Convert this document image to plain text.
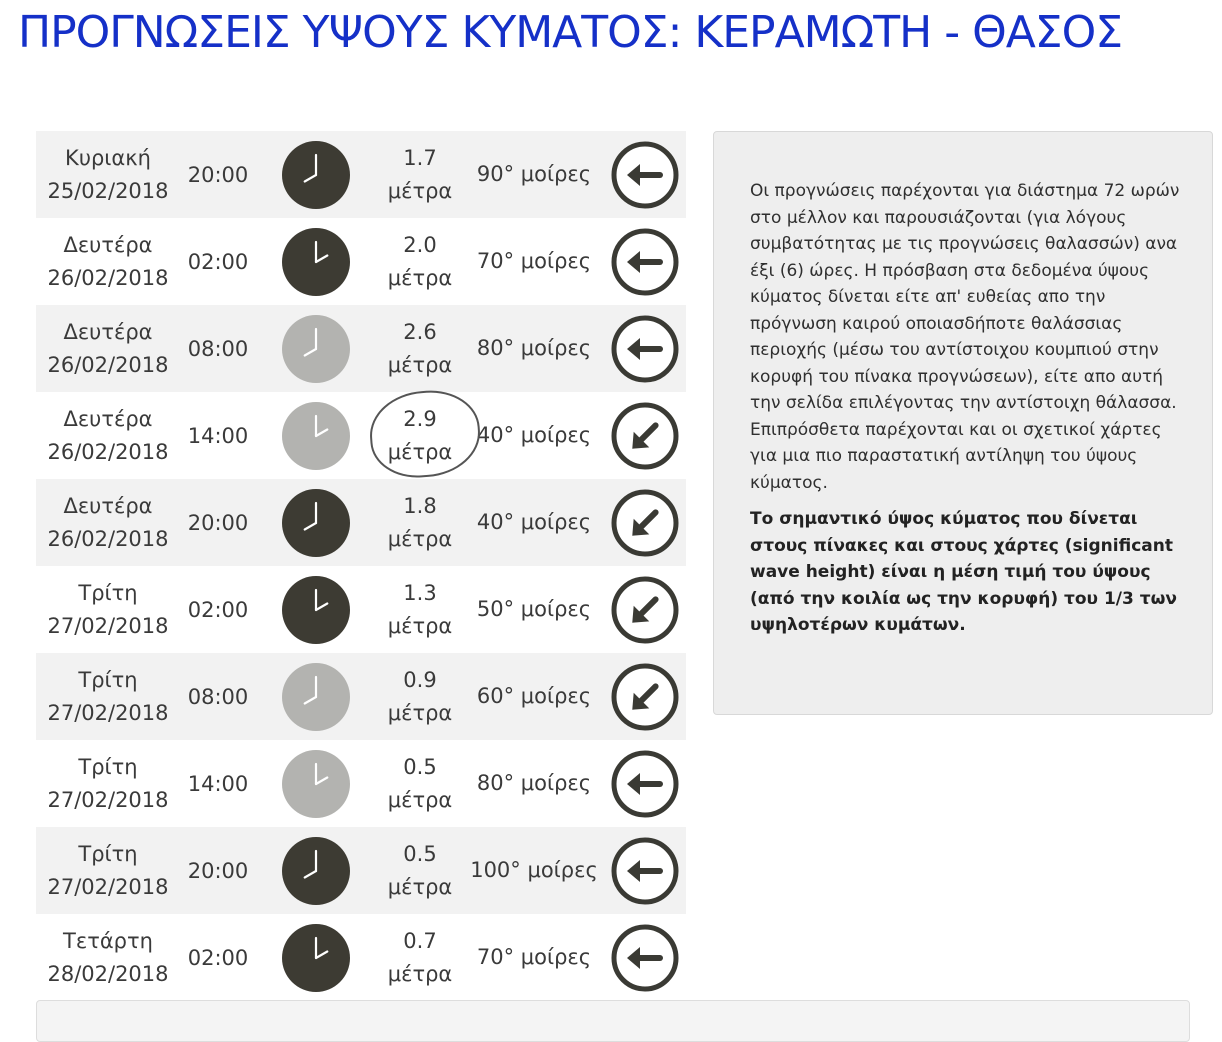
ΠΡΟΓΝΩΣΕΙΣ ΥΨΟΥΣ ΚΥΜΑΤΟΣ: ΚΕΡΑΜΩΤΗ - ΘΑΣΟΣ
Κυριακή
25/02/2018
20:00
1.7
μέτρα
90° μοίρες
Δευτέρα
26/02/2018
02:00
2.0
μέτρα
70° μοίρες
Δευτέρα
26/02/2018
08:00
2.6
μέτρα
80° μοίρες
Δευτέρα
26/02/2018
14:00
2.9
μέτρα
40° μοίρες
Δευτέρα
26/02/2018
20:00
1.8
μέτρα
40° μοίρες
Τρίτη
27/02/2018
02:00
1.3
μέτρα
50° μοίρες
Τρίτη
27/02/2018
08:00
0.9
μέτρα
60° μοίρες
Τρίτη
27/02/2018
14:00
0.5
μέτρα
80° μοίρες
Τρίτη
27/02/2018
20:00
0.5
μέτρα
100° μοίρες
Τετάρτη
28/02/2018
02:00
0.7
μέτρα
70° μοίρες

Οι προγνώσεις παρέχονται για διάστημα 72 ωρών στο μέλλον και παρουσιάζονται (για λόγους συμβατότητας με τις προγνώσεις θαλασσών) ανα έξι (6) ώρες. Η πρόσβαση στα δεδομένα ύψους κύματος δίνεται είτε απ' ευθείας απο την πρόγνωση καιρού οποιασδήποτε θαλάσσιας περιοχής (μέσω του αντίστοιχου κουμπιού στην κορυφή του πίνακα προγνώσεων), είτε απο αυτή την σελίδα επιλέγοντας την αντίστοιχη θάλασσα. Επιπρόσθετα παρέχονται και οι σχετικοί χάρτες για μια πιο παραστατική αντίληψη του ύψους κύματος.

Το σημαντικό ύψος κύματος που δίνεται στους πίνακες και στους χάρτες (significant wave height) είναι η μέση τιμή του ύψους (από την κοιλία ως την κορυφή) του 1/3 των υψηλοτέρων κυμάτων.
